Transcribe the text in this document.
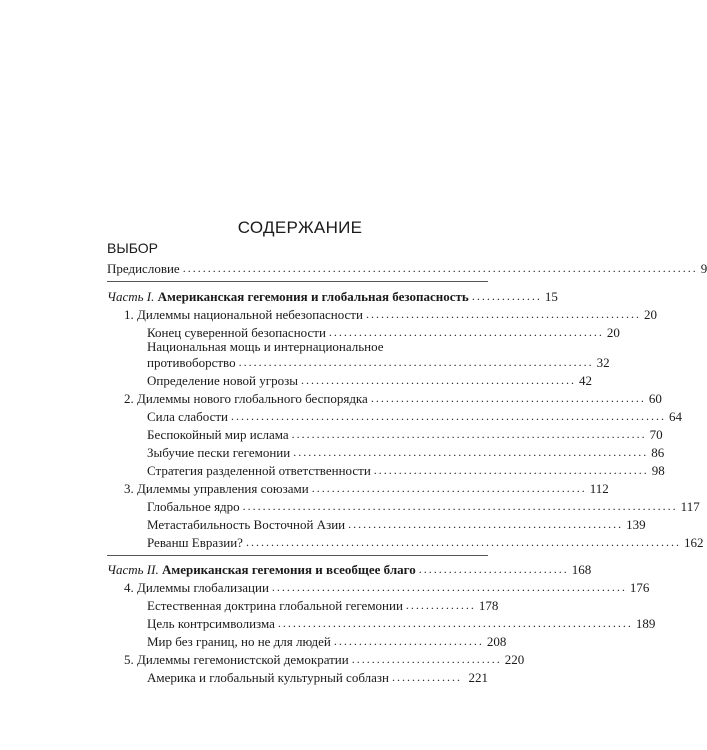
СОДЕРЖАНИЕ
ВЫБОР
Предисловие ....................................................................................................... 9
Часть I. Американская гегемония и глобальная безопасность .............. 15
1. Дилеммы национальной небезопасности ....................................................... 20
Конец суверенной безопасности ....................................................... 20
Национальная мощь и интернациональное
противоборство ....................................................................... 32
Определение новой угрозы ....................................................... 42
2. Дилеммы нового глобального беспорядка ....................................................... 60
Сила слабости ....................................................................................... 64
Беспокойный мир ислама ....................................................................... 70
Зыбучие пески гегемонии ....................................................................... 86
Стратегия разделенной ответственности ....................................................... 98
3. Дилеммы управления союзами ....................................................... 112
Глобальное ядро ....................................................................................... 117
Метастабильность Восточной Азии ....................................................... 139
Реванш Евразии? ....................................................................................... 162
Часть II. Американская гегемония и всеобщее благо .............................. 168
4. Дилеммы глобализации ....................................................................... 176
Естественная доктрина глобальной гегемонии .............. 178
Цель контрсимволизма ....................................................................... 189
Мир без границ, но не для людей .............................. 208
5. Дилеммы гегемонистской демократии .............................. 220
Америка и глобальный культурный соблазн .............. 221
